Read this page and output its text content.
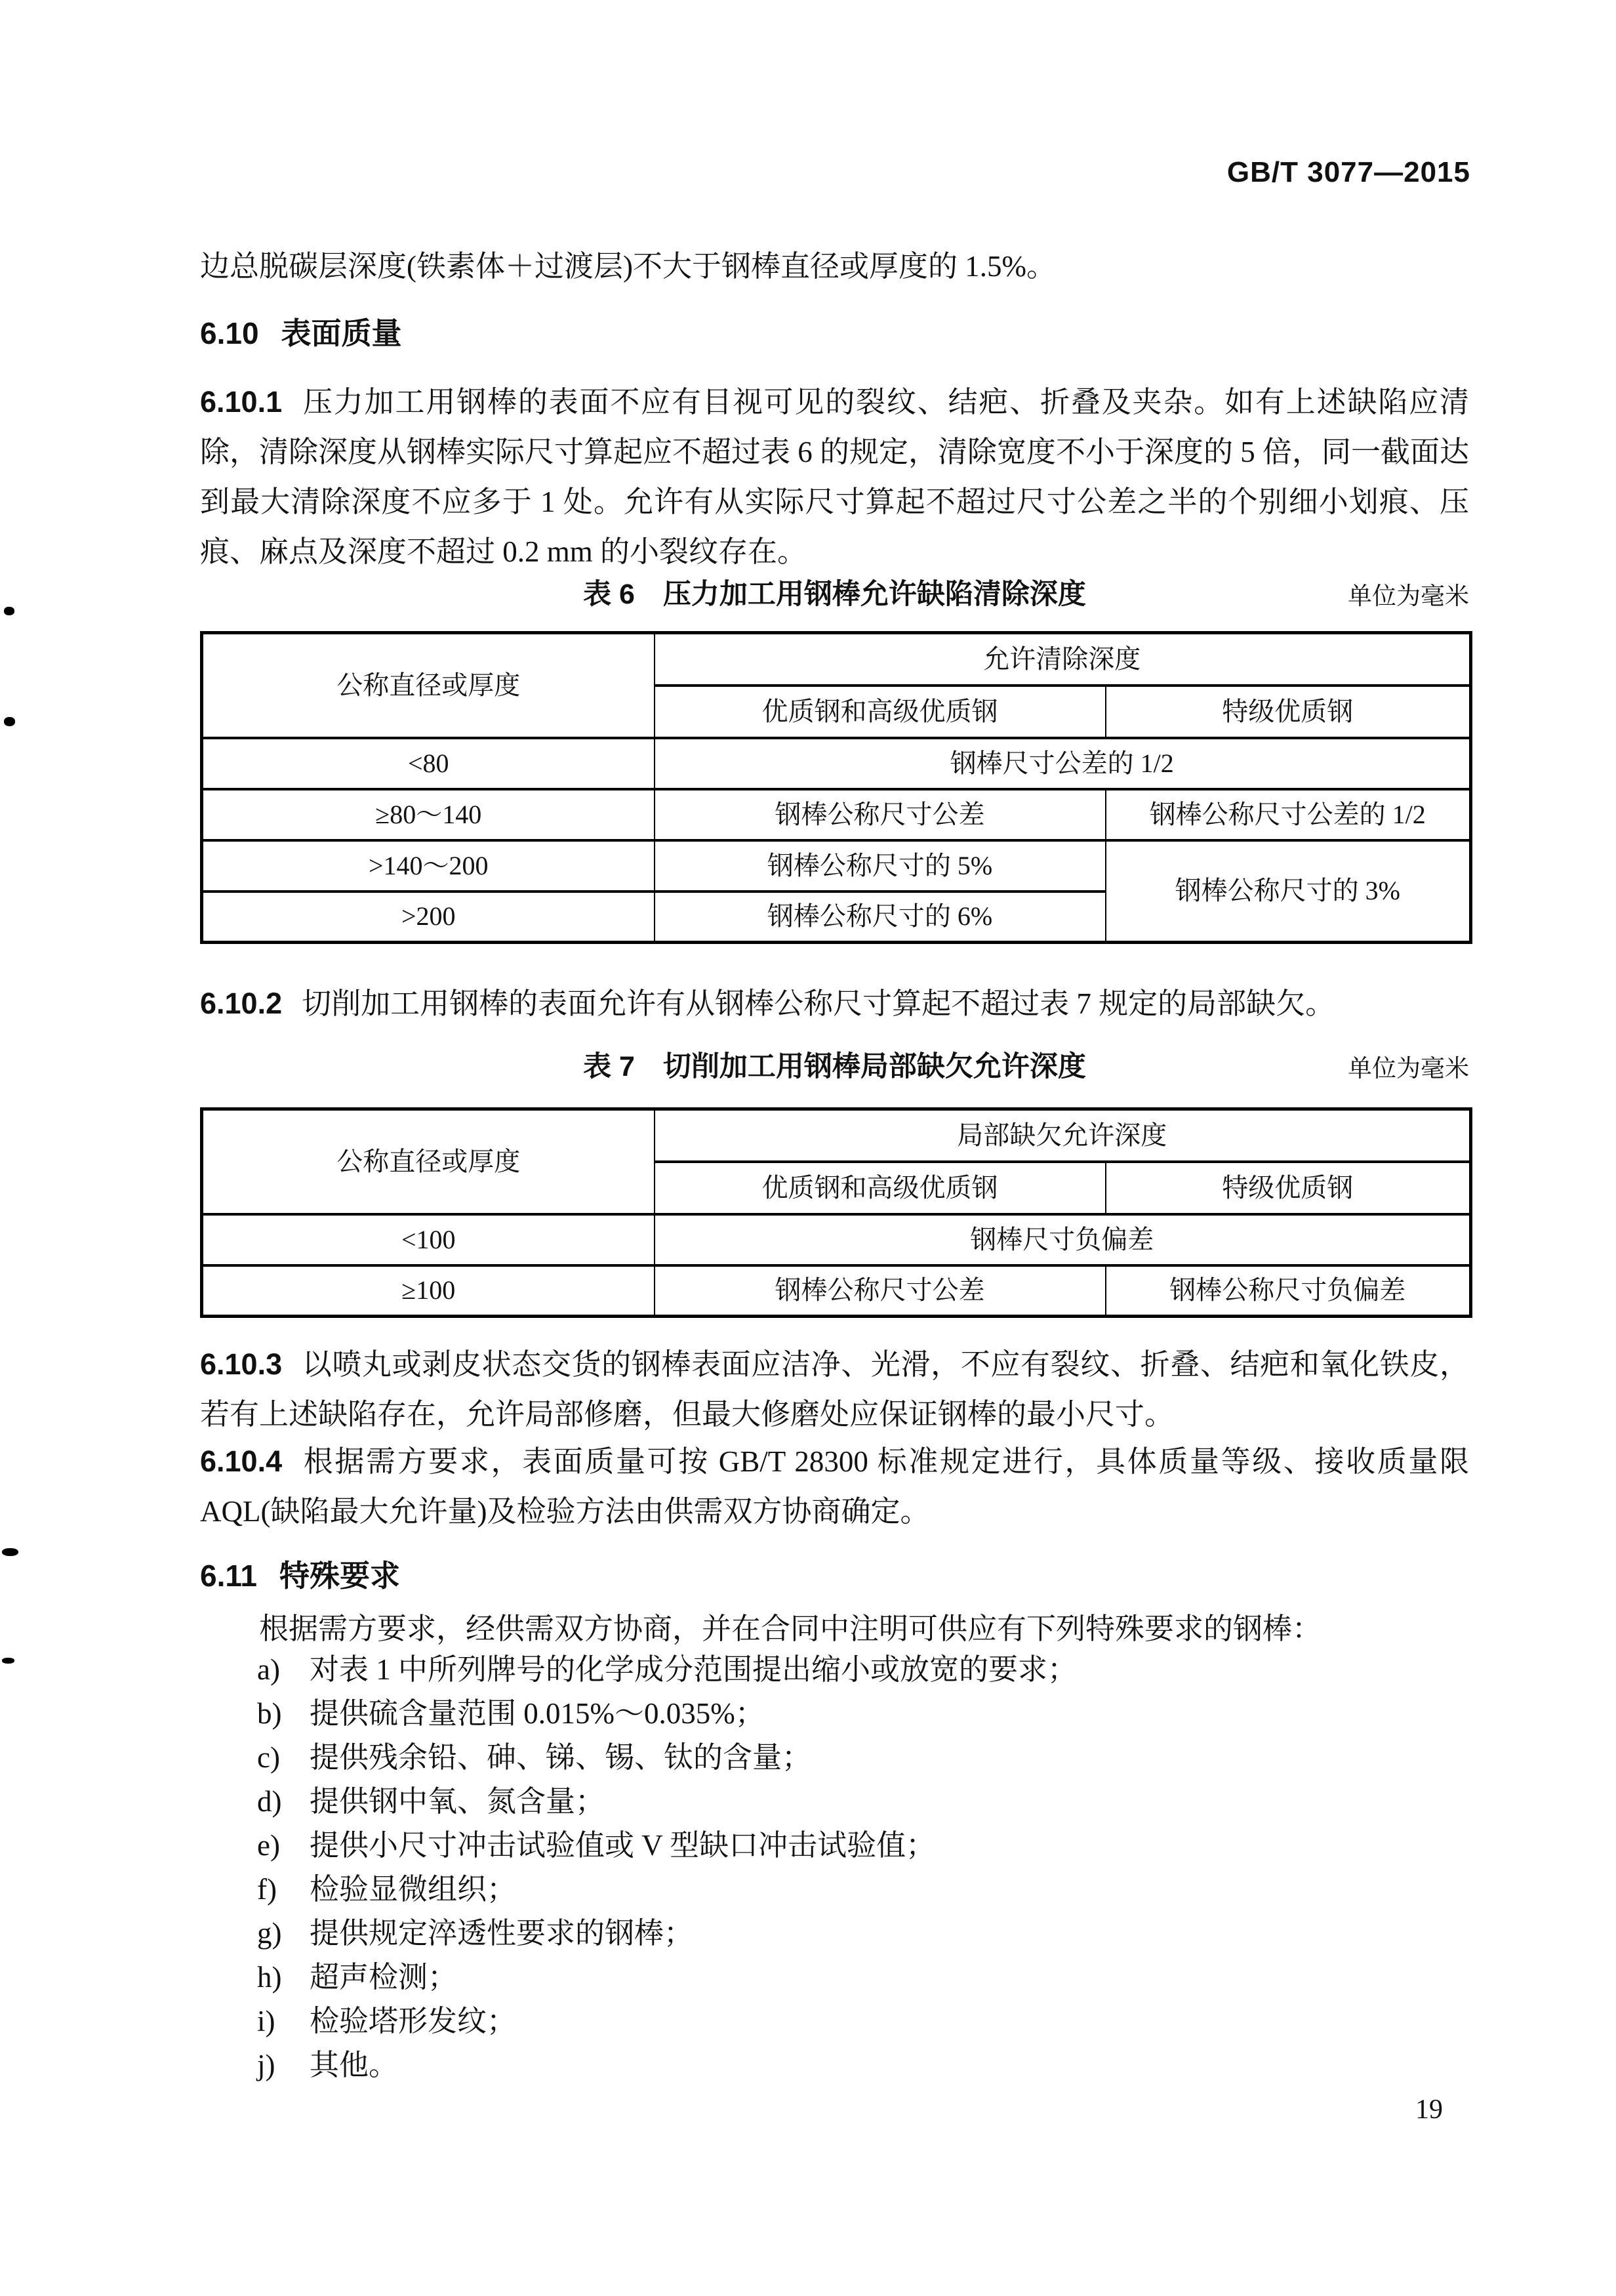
GB/T 3077—2015
边总脱碳层深度(铁素体＋过渡层)不大于钢棒直径或厚度的 1.5%。
6.10 表面质量
6.10.1 压力加工用钢棒的表面不应有目视可见的裂纹、结疤、折叠及夹杂。如有上述缺陷应清除，清除深度从钢棒实际尺寸算起应不超过表 6 的规定，清除宽度不小于深度的 5 倍，同一截面达到最大清除深度不应多于 1 处。允许有从实际尺寸算起不超过尺寸公差之半的个别细小划痕、压痕、麻点及深度不超过 0.2 mm 的小裂纹存在。
表 6　压力加工用钢棒允许缺陷清除深度	单位为毫米
公称直径或厚度	允许清除深度	
	优质钢和高级优质钢	特级优质钢
<80	钢棒尺寸公差的 1/2	
≥80～140	钢棒公称尺寸公差	钢棒公称尺寸公差的 1/2
>140～200	钢棒公称尺寸的 5%	钢棒公称尺寸的 3%
>200	钢棒公称尺寸的 6%	
6.10.2 切削加工用钢棒的表面允许有从钢棒公称尺寸算起不超过表 7 规定的局部缺欠。
表 7　切削加工用钢棒局部缺欠允许深度	单位为毫米
公称直径或厚度	局部缺欠允许深度	
	优质钢和高级优质钢	特级优质钢
<100	钢棒尺寸负偏差	
≥100	钢棒公称尺寸公差	钢棒公称尺寸负偏差
6.10.3 以喷丸或剥皮状态交货的钢棒表面应洁净、光滑，不应有裂纹、折叠、结疤和氧化铁皮，若有上述缺陷存在，允许局部修磨，但最大修磨处应保证钢棒的最小尺寸。
6.10.4 根据需方要求，表面质量可按 GB/T 28300 标准规定进行，具体质量等级、接收质量限 AQL(缺陷最大允许量)及检验方法由供需双方协商确定。
6.11 特殊要求
根据需方要求，经供需双方协商，并在合同中注明可供应有下列特殊要求的钢棒：
a)	对表 1 中所列牌号的化学成分范围提出缩小或放宽的要求；
b) 提供硫含量范围 0.015%～0.035%；
c)	提供残余铅、砷、锑、锡、钛的含量；
d) 提供钢中氧、氮含量；
e)	提供小尺寸冲击试验值或 V 型缺口冲击试验值；
f)	检验显微组织；
g) 提供规定淬透性要求的钢棒；
h) 超声检测；
i)	检验塔形发纹；
j)	其他。
19
